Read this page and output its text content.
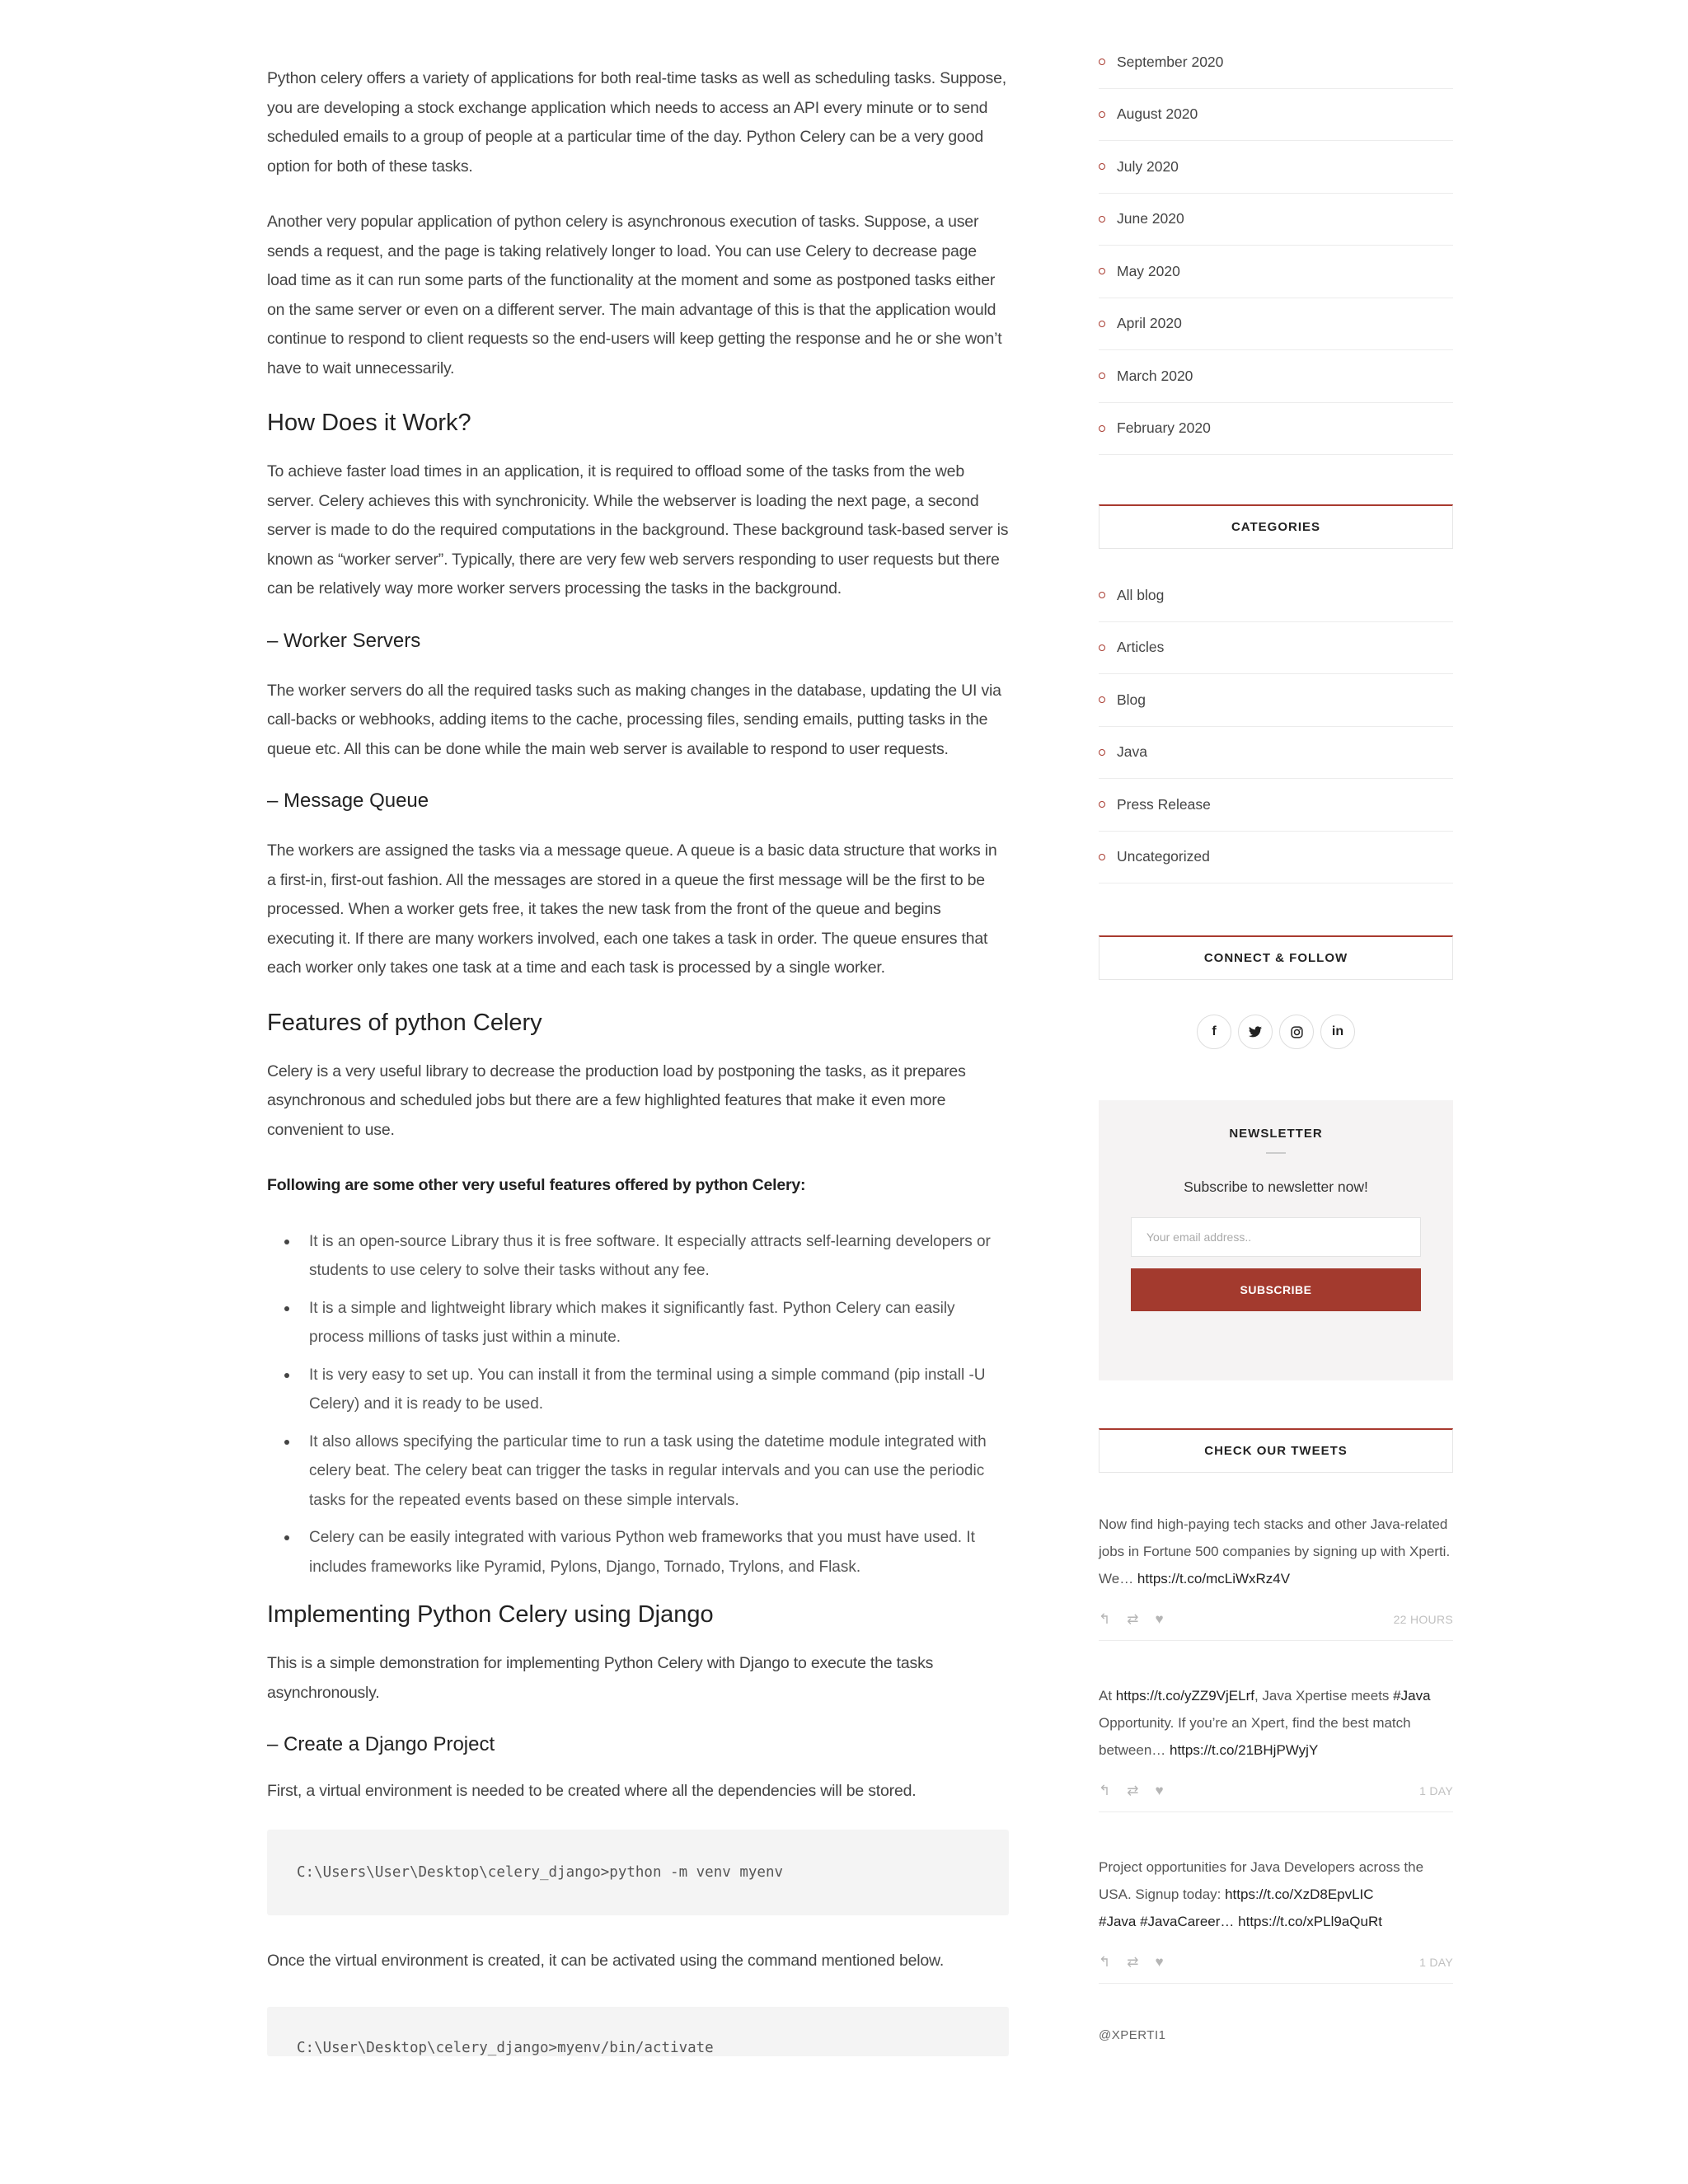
Python celery offers a variety of applications for both real-time tasks as well as scheduling tasks. Suppose, you are developing a stock exchange application which needs to access an API every minute or to send scheduled emails to a group of people at a particular time of the day. Python Celery can be a very good option for both of these tasks.

Another very popular application of python celery is asynchronous execution of tasks. Suppose, a user sends a request, and the page is taking relatively longer to load. You can use Celery to decrease page load time as it can run some parts of the functionality at the moment and some as postponed tasks either on the same server or even on a different server. The main advantage of this is that the application would continue to respond to client requests so the end-users will keep getting the response and he or she won’t have to wait unnecessarily.

How Does it Work?

To achieve faster load times in an application, it is required to offload some of the tasks from the web server. Celery achieves this with synchronicity. While the webserver is loading the next page, a second server is made to do the required computations in the background. These background task-based server is known as “worker server”. Typically, there are very few web servers responding to user requests but there can be relatively way more worker servers processing the tasks in the background.

– Worker Servers

The worker servers do all the required tasks such as making changes in the database, updating the UI via call-backs or webhooks, adding items to the cache, processing files, sending emails, putting tasks in the queue etc. All this can be done while the main web server is available to respond to user requests.

– Message Queue

The workers are assigned the tasks via a message queue. A queue is a basic data structure that works in a first-in, first-out fashion. All the messages are stored in a queue the first message will be the first to be processed. When a worker gets free, it takes the new task from the front of the queue and begins executing it. If there are many workers involved, each one takes a task in order. The queue ensures that each worker only takes one task at a time and each task is processed by a single worker.

Features of python Celery

Celery is a very useful library to decrease the production load by postponing the tasks, as it prepares asynchronous and scheduled jobs but there are a few highlighted features that make it even more convenient to use.

Following are some other very useful features offered by python Celery:

It is an open-source Library thus it is free software. It especially attracts self-learning developers or students to use celery to solve their tasks without any fee.
It is a simple and lightweight library which makes it significantly fast. Python Celery can easily process millions of tasks just within a minute.
It is very easy to set up. You can install it from the terminal using a simple command (pip install -U Celery) and it is ready to be used.
It also allows specifying the particular time to run a task using the datetime module integrated with celery beat. The celery beat can trigger the tasks in regular intervals and you can use the periodic tasks for the repeated events based on these simple intervals.
Celery can be easily integrated with various Python web frameworks that you must have used. It includes frameworks like Pyramid, Pylons, Django, Tornado, Trylons, and Flask.
Implementing Python Celery using Django

This is a simple demonstration for implementing Python Celery with Django to execute the tasks asynchronously.

– Create a Django Project

First, a virtual environment is needed to be created where all the dependencies will be stored.

C:\Users\User\Desktop\celery_django>python -m venv myenv

Once the virtual environment is created, it can be activated using the command mentioned below.

C:\User\Desktop\celery_django>myenv/bin/activate
September 2020
August 2020
July 2020
June 2020
May 2020
April 2020
March 2020
February 2020
CATEGORIES
All blog
Articles
Blog
Java
Press Release
Uncategorized
CONNECT & FOLLOW
f	in
NEWSLETTER
Subscribe to newsletter now!
Your email address..
SUBSCRIBE
CHECK OUR TWEETS
Now find high-paying tech stacks and other Java-related jobs in Fortune 500 companies by signing up with Xperti. We… https://t.co/mcLiWxRz4V
↰ ⇄ ♥	22 HOURS
At https://t.co/yZZ9VjELrf, Java Xpertise meets #Java Opportunity. If you’re an Xpert, find the best match between… https://t.co/21BHjPWyjY
↰ ⇄ ♥	1 DAY
Project opportunities for Java Developers across the USA. Signup today: https://t.co/XzD8EpvLIC
#Java #JavaCareer… https://t.co/xPLl9aQuRt
↰ ⇄ ♥	1 DAY
@XPERTI1
